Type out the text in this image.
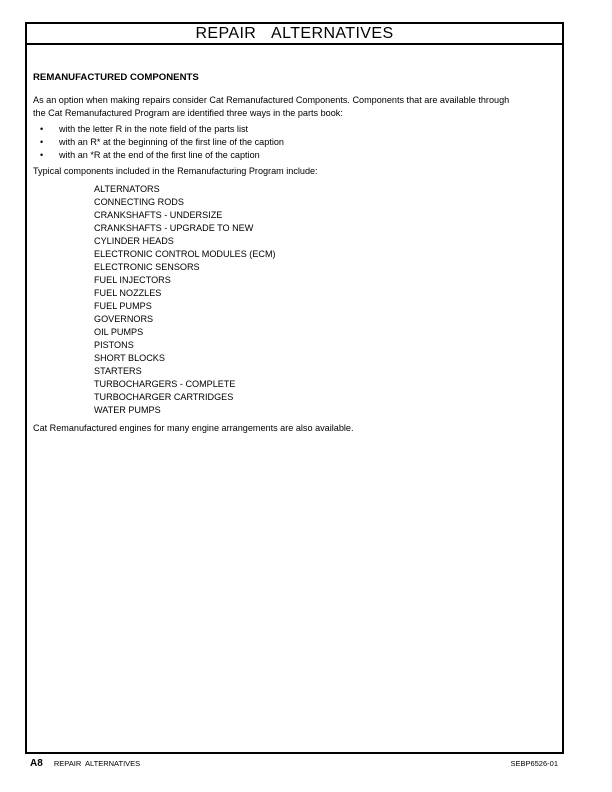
REPAIR  ALTERNATIVES
REMANUFACTURED COMPONENTS
As an option when making repairs consider Cat Remanufactured Components. Components that are available through
the Cat Remanufactured Program are identified three ways in the parts book:
• with the letter R in the note field of the parts list
• with an R* at the beginning of the first line of the caption
• with an *R at the end of the first line of the caption
Typical components included in the Remanufacturing Program include:
ALTERNATORS
CONNECTING RODS
CRANKSHAFTS - UNDERSIZE
CRANKSHAFTS - UPGRADE TO NEW
CYLINDER HEADS
ELECTRONIC CONTROL MODULES (ECM)
ELECTRONIC SENSORS
FUEL INJECTORS
FUEL NOZZLES
FUEL PUMPS
GOVERNORS
OIL PUMPS
PISTONS
SHORT BLOCKS
STARTERS
TURBOCHARGERS - COMPLETE
TURBOCHARGER CARTRIDGES
WATER PUMPS
Cat Remanufactured engines for many engine arrangements are also available.
A8 REPAIR  ALTERNATIVES	SEBP6526-01
